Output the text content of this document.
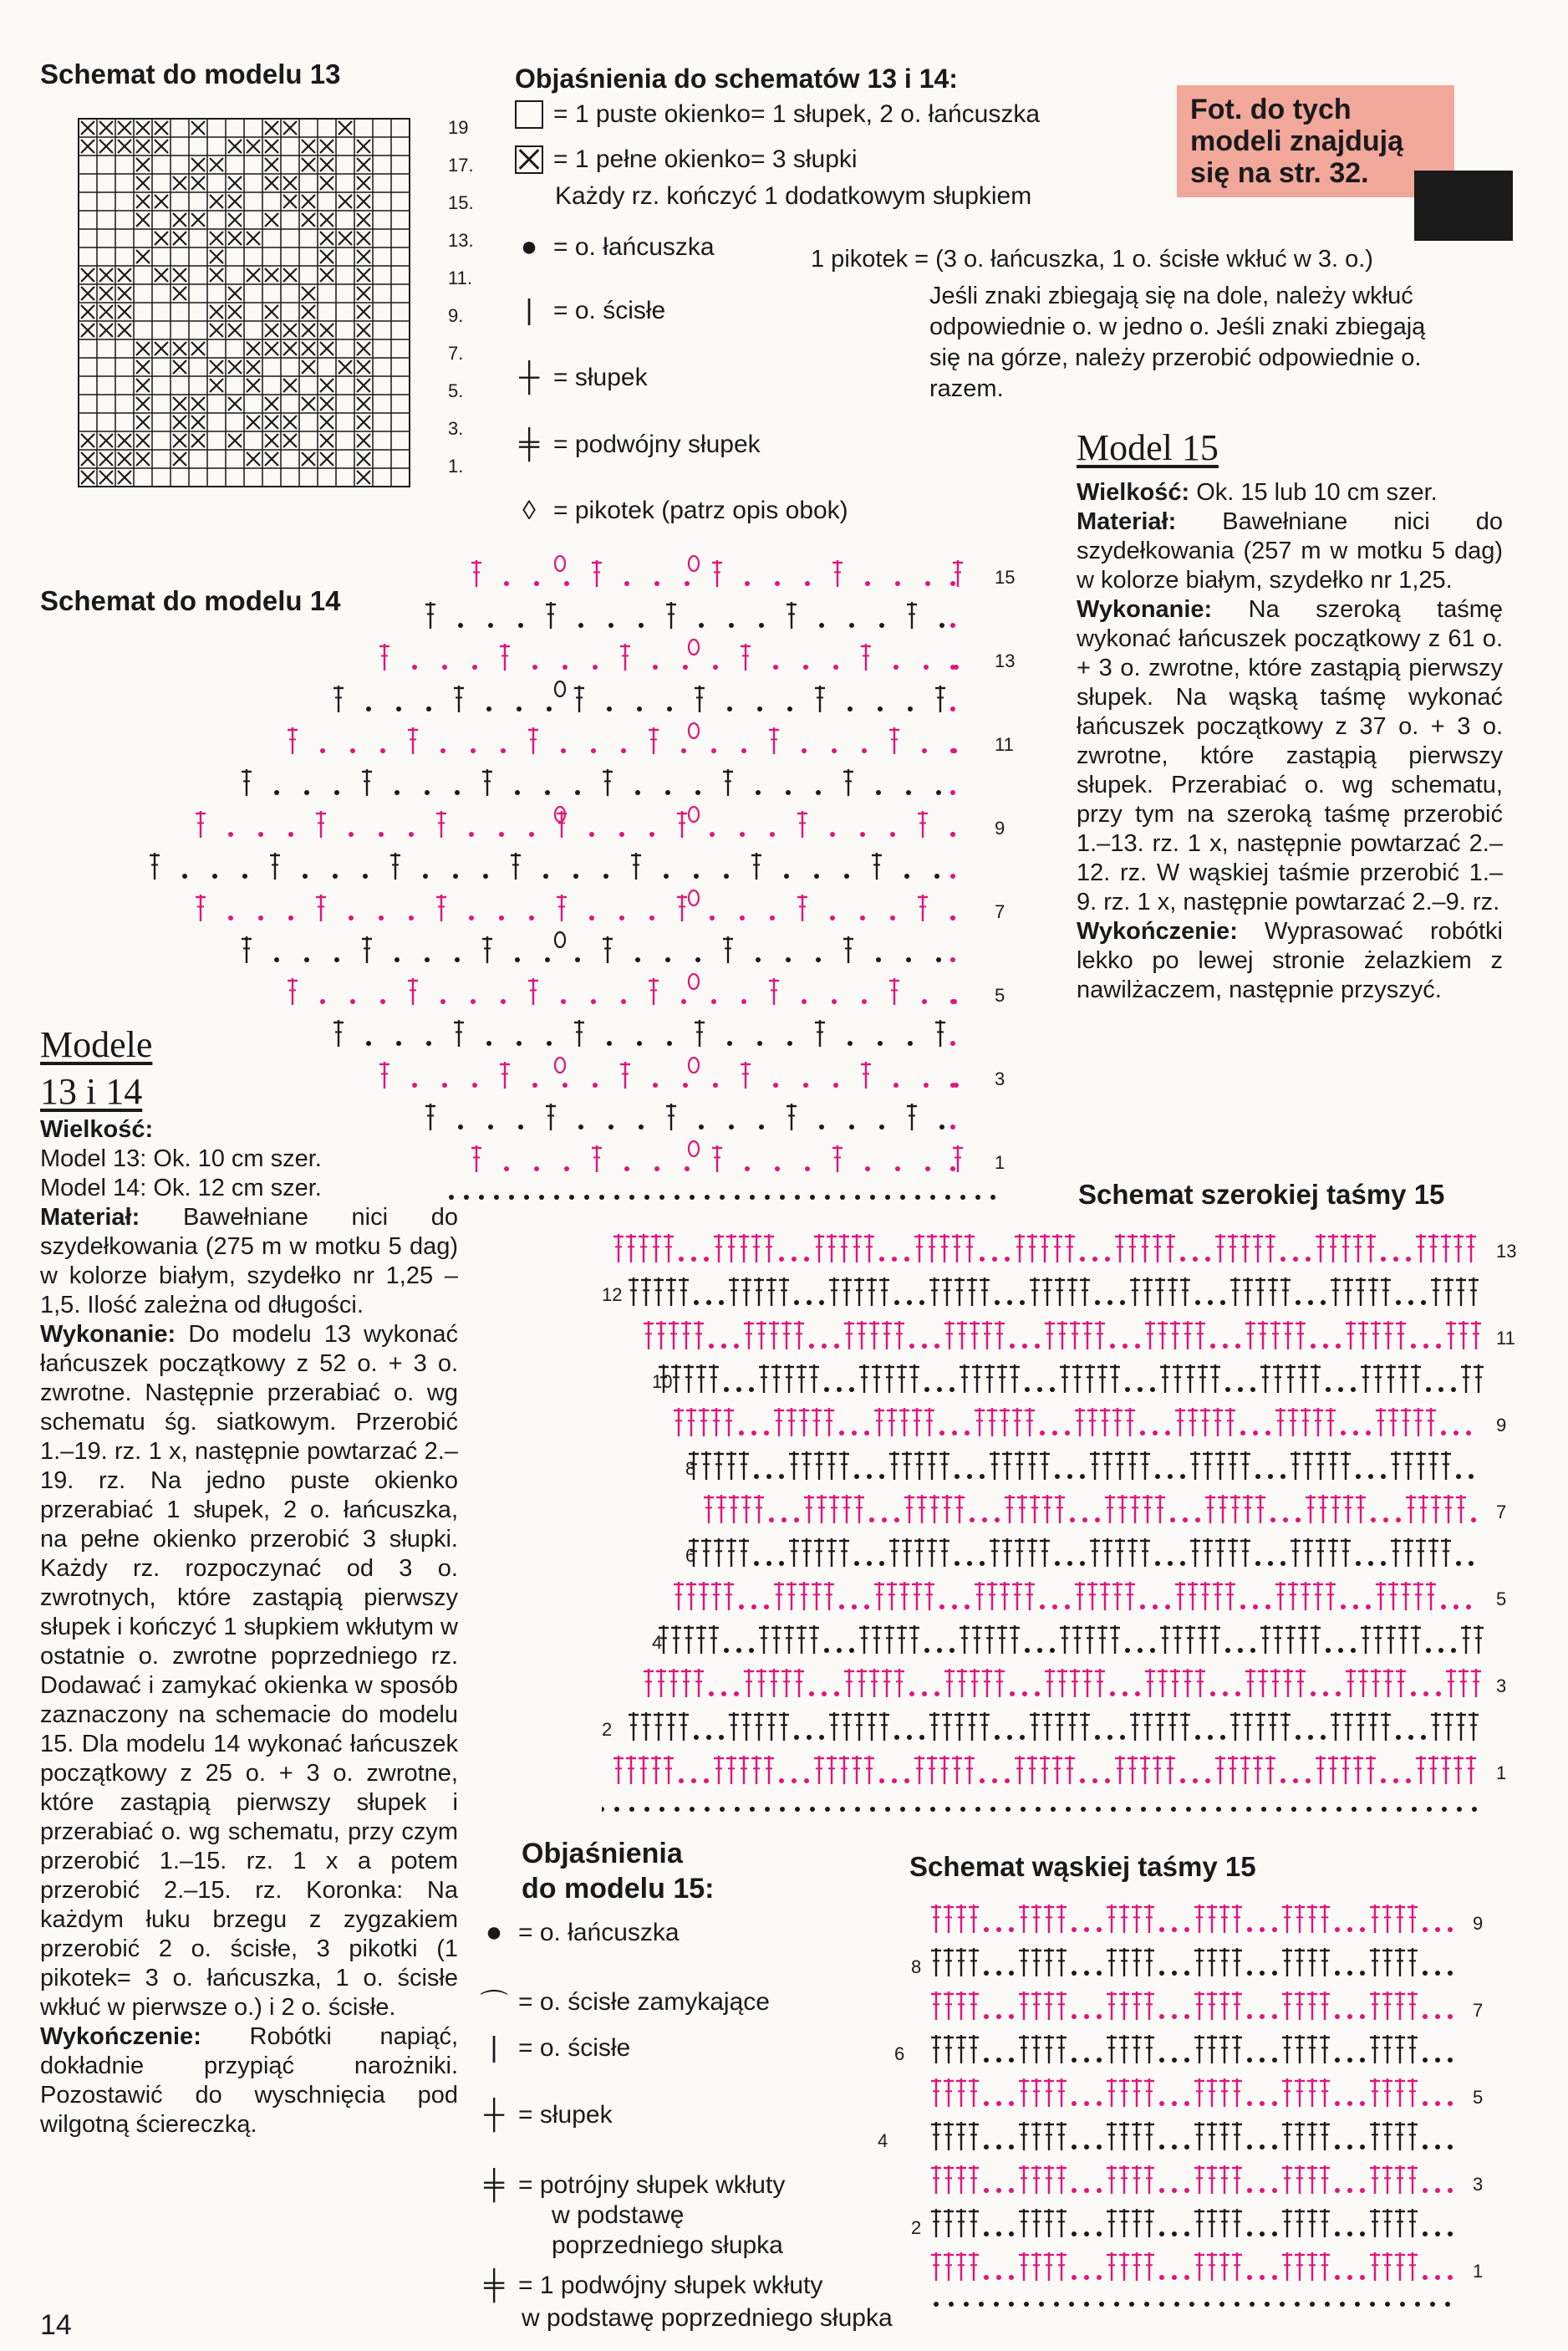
Schemat do modelu 13
19
17.
15.
13.
11.
9.
7.
5.
3.
1.
Objaśnienia do schematów 13 i 14:
= 1 puste okienko= 1 słupek, 2 o. łańcuszka
= 1 pełne okienko= 3 słupki
Każdy rz. kończyć 1 dodatkowym słupkiem
● = o. łańcuszka
| = o. ścisłe
┼ = słupek
╪ = podwójny słupek
◊ = pikotek (patrz opis obok)
Fot. do tych modeli znajdują się na str. 32.
1 pikotek = (3 o. łańcuszka, 1 o. ścisłe wkłuć w 3. o.)
Jeśli znaki zbiegają się na dole, należy wkłuć
odpowiednie o. w jedno o. Jeśli znaki zbiegają
się na górze, należy przerobić odpowiednie o.
razem.
Model 15

Wielkość: Ok. 15 lub 10 cm szer.

Materiał: Bawełniane nici do szydełkowania (257 m w motku 5 dag) w kolorze białym, szydełko nr 1,25.

Wykonanie: Na szeroką taśmę wykonać łańcuszek początkowy z 61 o. + 3 o. zwrotne, które zastąpią pierwszy słupek. Na wąską taśmę wykonać łańcuszek początkowy z 37 o. + 3 o. zwrotne, które zastąpią pierwszy słupek. Przerabiać o. wg schematu, przy tym na szeroką taśmę przerobić 1.–13. rz. 1 x, następnie powtarzać 2.–12. rz. W wąskiej taśmie przerobić 1.–9. rz. 1 x, następnie powtarzać 2.–9. rz.

Wykończenie: Wyprasować robótki lekko po lewej stronie żelazkiem z nawilżaczem, następnie przyszyć.

Schemat do modelu 14
15
13
11
9
7
5
3
1
Modele
13 i 14

Wielkość:

Model 13: Ok. 10 cm szer.

Model 14: Ok. 12 cm szer.

Materiał: Bawełniane nici do szydełkowania (275 m w motku 5 dag) w kolorze białym, szydełko nr 1,25 –1,5. Ilość zależna od długości.

Wykonanie: Do modelu 13 wykonać łańcuszek początkowy z 52 o. + 3 o. zwrotne. Następnie przerabiać o. wg schematu śg. siatkowym. Przerobić 1.–19. rz. 1 x, następnie powtarzać 2.–19. rz. Na jedno puste okienko przerabiać 1 słupek, 2 o. łańcuszka, na pełne okienko przerobić 3 słupki. Każdy rz. rozpoczynać od 3 o. zwrotnych, które zastąpią pierwszy słupek i kończyć 1 słupkiem wkłutym w ostatnie o. zwrotne poprzedniego rz. Dodawać i zamykać okienka w sposób zaznaczony na schemacie do modelu 15. Dla modelu 14 wykonać łańcuszek początkowy z 25 o. + 3 o. zwrotne, które zastąpią pierwszy słupek i przerabiać o. wg schematu, przy czym przerobić 1.–15. rz. 1 x a potem przerobić 2.–15. rz. Koronka: Na każdym łuku brzegu z zygzakiem przerobić 2 o. ścisłe, 3 pikotki (1 pikotek= 3 o. łańcuszka, 1 o. ścisłe wkłuć w pierwsze o.) i 2 o. ścisłe.

Wykończenie: Robótki napiąć, dokładnie przypiąć narożniki. Pozostawić do wyschnięcia pod wilgotną ściereczką.

Schemat szerokiej taśmy 15
13
11
9
7
5
3
1
12
10
8
6
4
2
Objaśnienia
do modelu 15:
● = o. łańcuszka
⌒ = o. ścisłe zamykające
| = o. ścisłe
┼ = słupek
╪ = potrójny słupek wkłuty
w podstawę poprzedniego słupka
╪ = 1 podwójny słupek wkłuty
w podstawę poprzedniego słupka
Schemat wąskiej taśmy 15
9
7
5
3
1
8
6
4
2
14
